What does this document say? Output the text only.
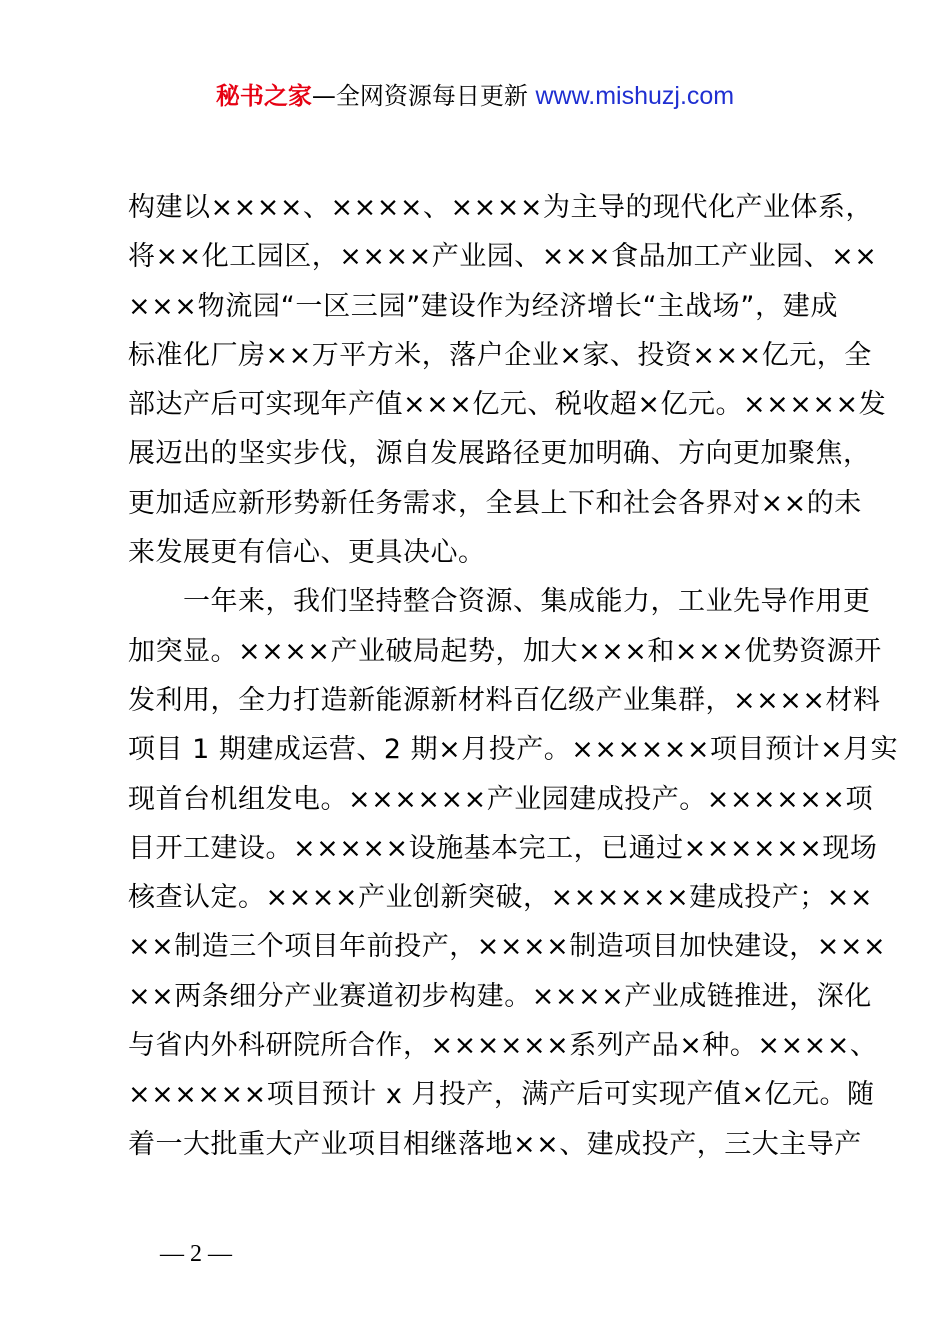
秘书之家—全网资源每日更新 www.mishuzj.com
构建以××××、××××、××××为主导的现代化产业体系，
将××化工园区，××××产业园、×××食品加工产业园、××
×××物流园“一区三园”建设作为经济增长“主战场”，建成
标准化厂房××万平方米，落户企业×家、投资×××亿元，全
部达产后可实现年产值×××亿元、税收超×亿元。×××××发
展迈出的坚实步伐，源自发展路径更加明确、方向更加聚焦，
更加适应新形势新任务需求，全县上下和社会各界对××的未
来发展更有信心、更具决心。
　　一年来，我们坚持整合资源、集成能力，工业先导作用更
加突显。××××产业破局起势，加大×××和×××优势资源开
发利用，全力打造新能源新材料百亿级产业集群，××××材料
项目 1 期建成运营、2 期×月投产。××××××项目预计×月实
现首台机组发电。××××××产业园建成投产。××××××项
目开工建设。×××××设施基本完工，已通过××××××现场
核查认定。××××产业创新突破，××××××建成投产；××
××制造三个项目年前投产，××××制造项目加快建设，×××
××两条细分产业赛道初步构建。××××产业成链推进，深化
与省内外科研院所合作，××××××系列产品×种。××××、
××××××项目预计 x 月投产，满产后可实现产值×亿元。随
着一大批重大产业项目相继落地××、建成投产，三大主导产
— 2 —
